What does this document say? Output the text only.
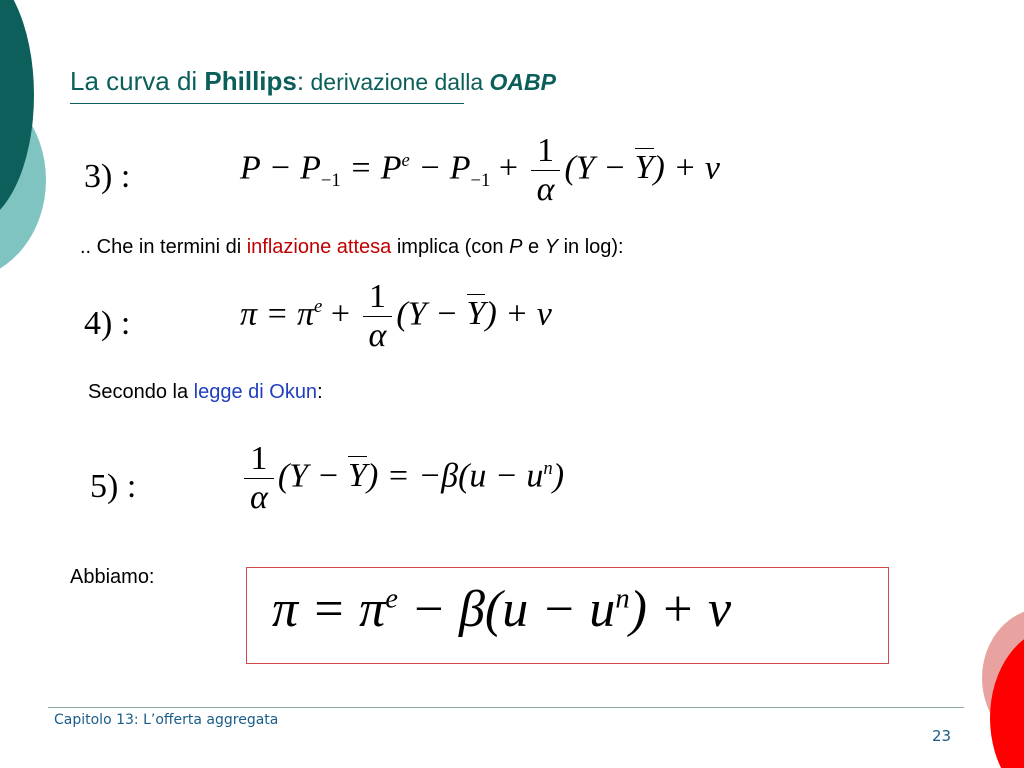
La curva di Phillips: derivazione dalla OABP
3) :	$P - P_{-1} = P^e - P_{-1} + \frac{1}{\alpha} (Y - Y) + v$
.. Che in termini di inflazione attesa implica (con P e Y in log):
4) :	$\pi = \pi^e + \frac{1}{\alpha} (Y - Y) + v$
Secondo la legge di Okun:
5) :	$\frac{1}{\alpha} (Y - Y) = -\beta(u - u^n)$
Abbiamo:
$\pi = \pi^e - \beta(u - u^n) + v$
Capitolo 13: L’offerta aggregata
23
